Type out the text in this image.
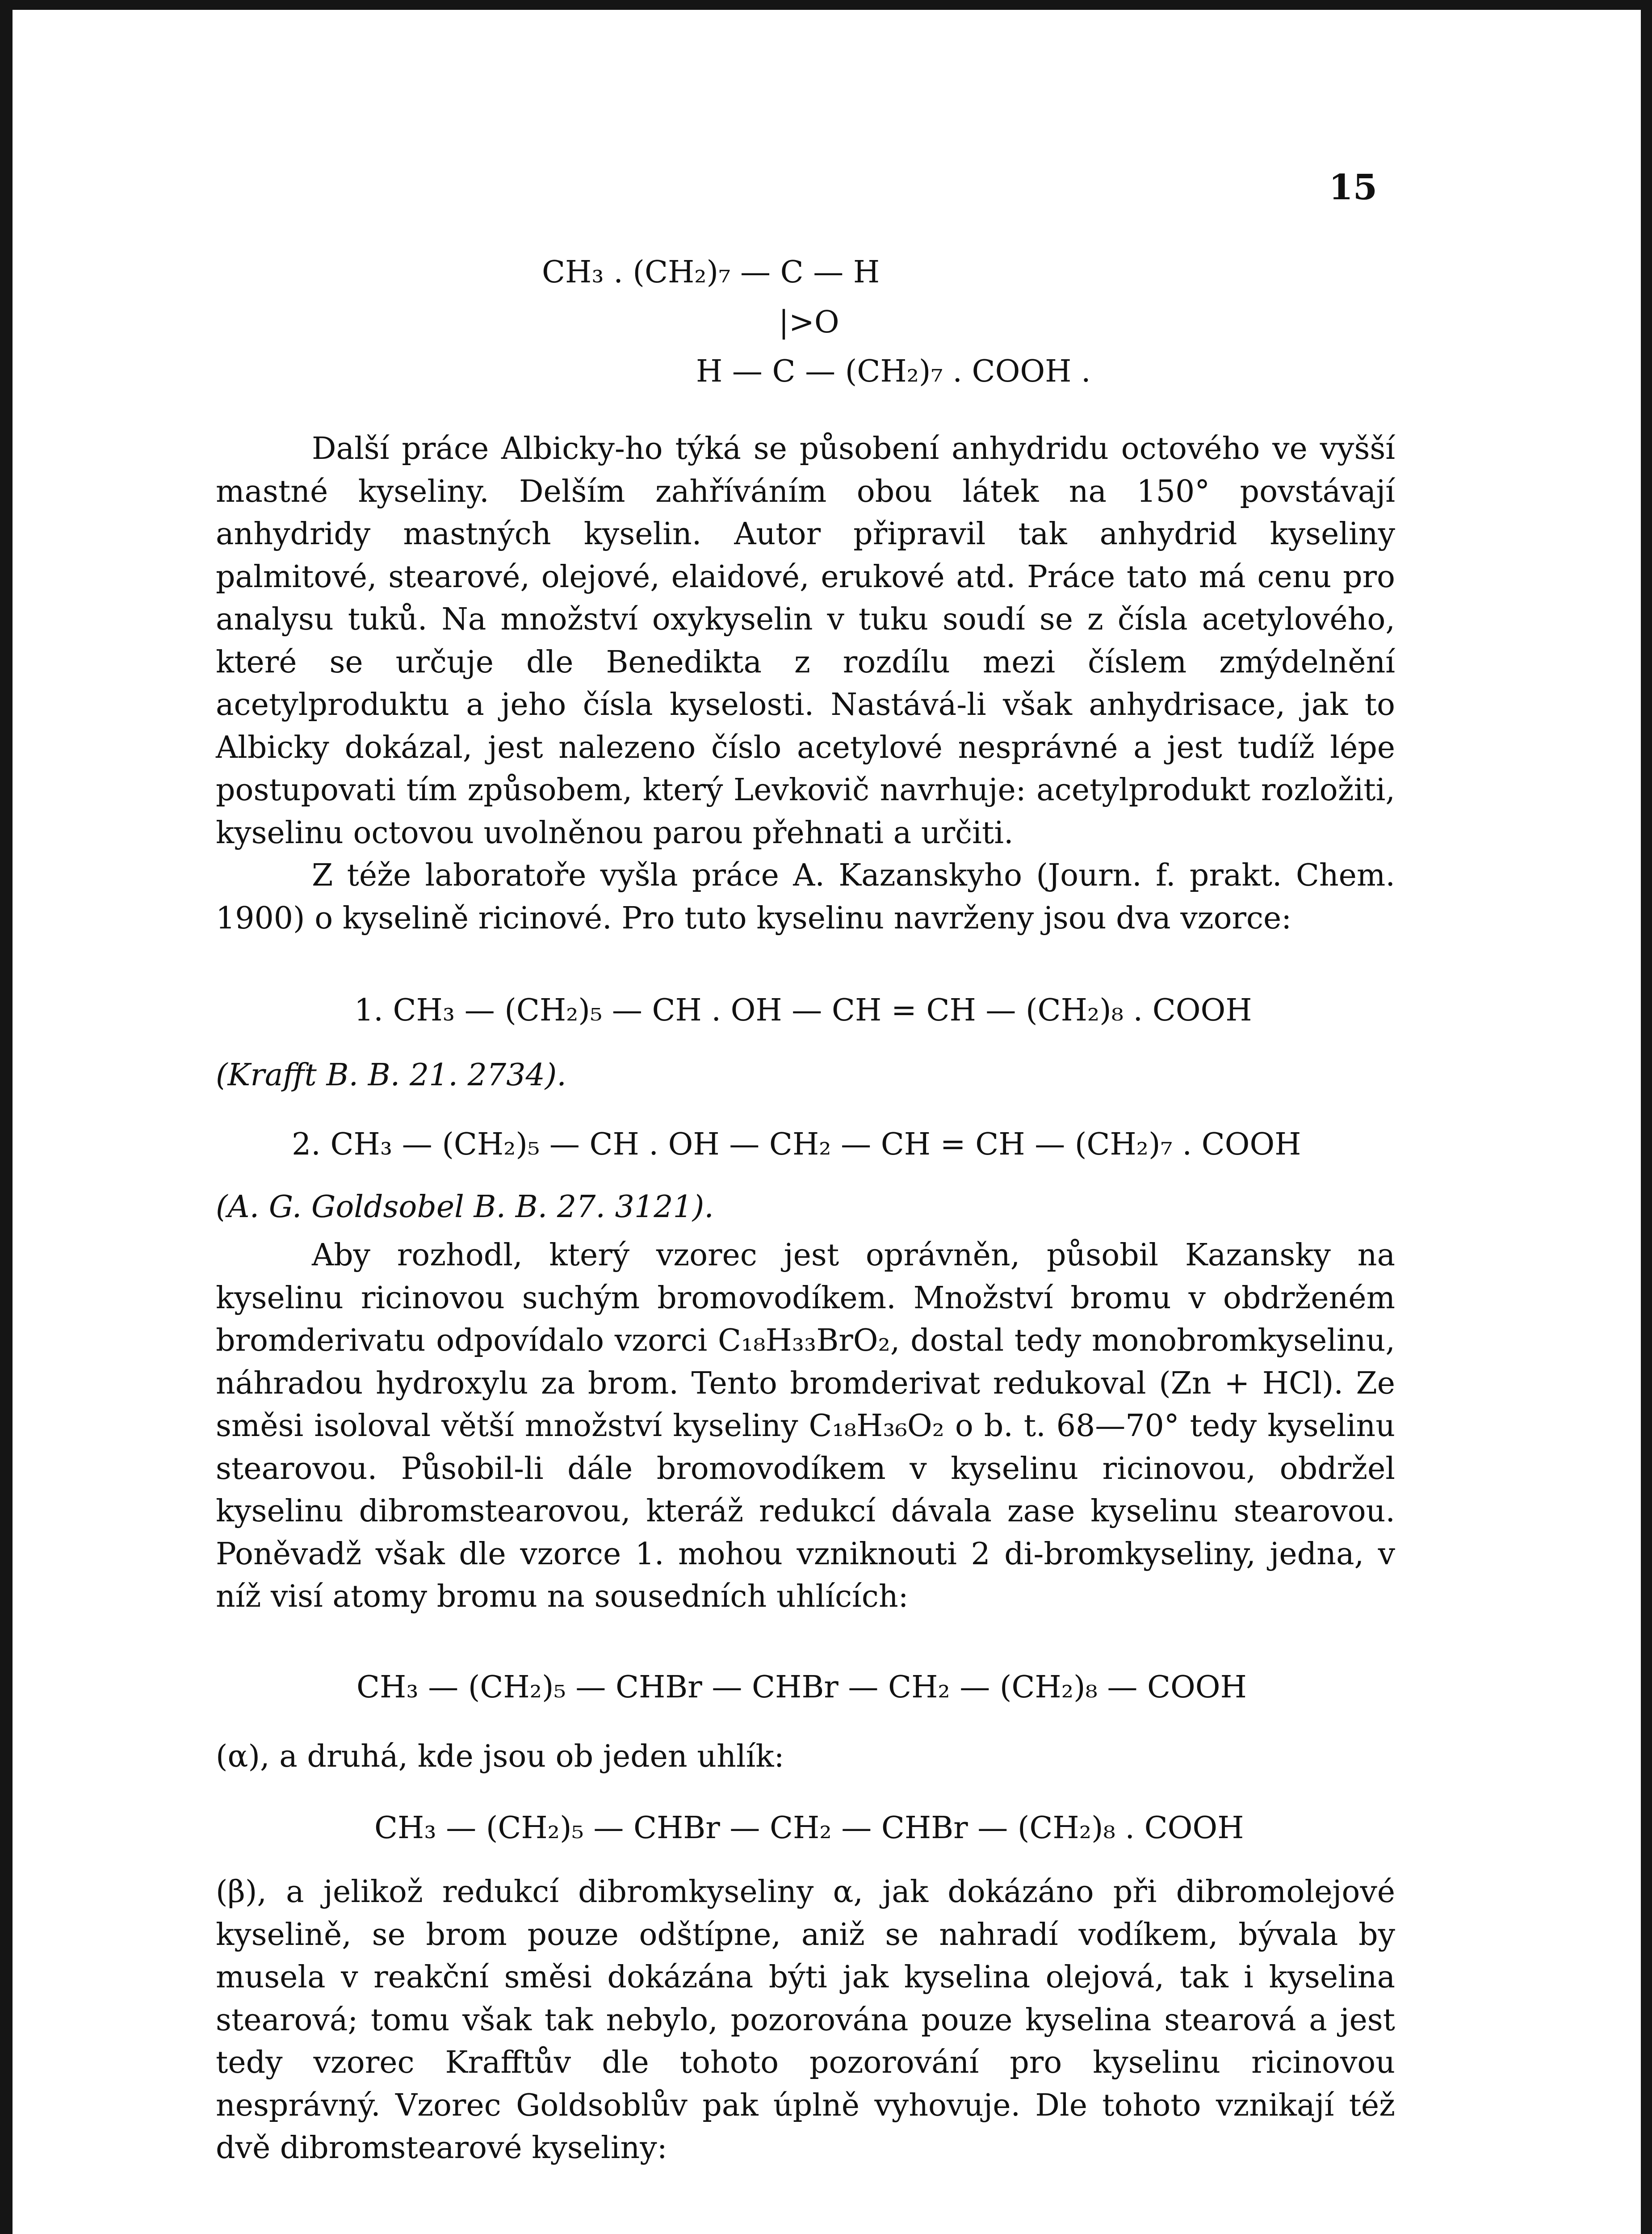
15
CH₃ . (CH₂)₇ — C — H
|>O
H — C — (CH₂)₇ . COOH .

Další práce Albicky-ho týká se působení anhydridu octového ve vyšší mastné kyseliny. Delším zahříváním obou látek na 150° povstávají anhydridy mastných kyselin. Autor připravil tak anhydrid kyseliny palmitové, stearové, olejové, elaidové, erukové atd. Práce tato má cenu pro analysu tuků. Na množství oxykyselin v tuku soudí se z čísla acetylového, které se určuje dle Benedikta z rozdílu mezi číslem zmýdelnění acetylproduktu a jeho čísla kyselosti. Nastává-li však anhydrisace, jak to Albicky dokázal, jest nalezeno číslo acetylové nesprávné a jest tudíž lépe postupovati tím způsobem, který Levkovič navrhuje: acetylprodukt rozložiti, kyselinu octovou uvolněnou parou přehnati a určiti.

Z téže laboratoře vyšla práce A. Kazanskyho (Journ. f. prakt. Chem. 1900) o kyselině ricinové. Pro tuto kyselinu navrženy jsou dva vzorce:

1. CH₃ — (CH₂)₅ — CH . OH — CH = CH — (CH₂)₈ . COOH
(Krafft B. B. 21. 2734).
2. CH₃ — (CH₂)₅ — CH . OH — CH₂ — CH = CH — (CH₂)₇ . COOH
(A. G. Goldsobel B. B. 27. 3121).

Aby rozhodl, který vzorec jest oprávněn, působil Kazansky na kyselinu ricinovou suchým bromovodíkem. Množství bromu v obdrženém bromderivatu odpovídalo vzorci C₁₈H₃₃BrO₂, dostal tedy monobromkyselinu, náhradou hydroxylu za brom. Tento bromderivat redukoval (Zn + HCl). Ze směsi isoloval větší množství kyseliny C₁₈H₃₆O₂ o b. t. 68—70° tedy kyselinu stearovou. Působil-li dále bromovodíkem v kyselinu ricinovou, obdržel kyselinu dibromstearovou, kteráž redukcí dávala zase kyselinu stearovou. Poněvadž však dle vzorce 1. mohou vzniknouti 2 di-bromkyseliny, jedna, v níž visí atomy bromu na sousedních uhlících:

CH₃ — (CH₂)₅ — CHBr — CHBr — CH₂ — (CH₂)₈ — COOH
(α), a druhá, kde jsou ob jeden uhlík:
CH₃ — (CH₂)₅ — CHBr — CH₂ — CHBr — (CH₂)₈ . COOH

(β), a jelikož redukcí dibromkyseliny α, jak dokázáno při dibromolejové kyselině, se brom pouze odštípne, aniž se nahradí vodíkem, bývala by musela v reakční směsi dokázána býti jak kyselina olejová, tak i kyselina stearová; tomu však tak nebylo, pozorována pouze kyselina stearová a jest tedy vzorec Krafftův dle tohoto pozorování pro kyselinu ricinovou nesprávný. Vzorec Goldsoblův pak úplně vyhovuje. Dle tohoto vznikají též dvě dibromstearové kyseliny:
